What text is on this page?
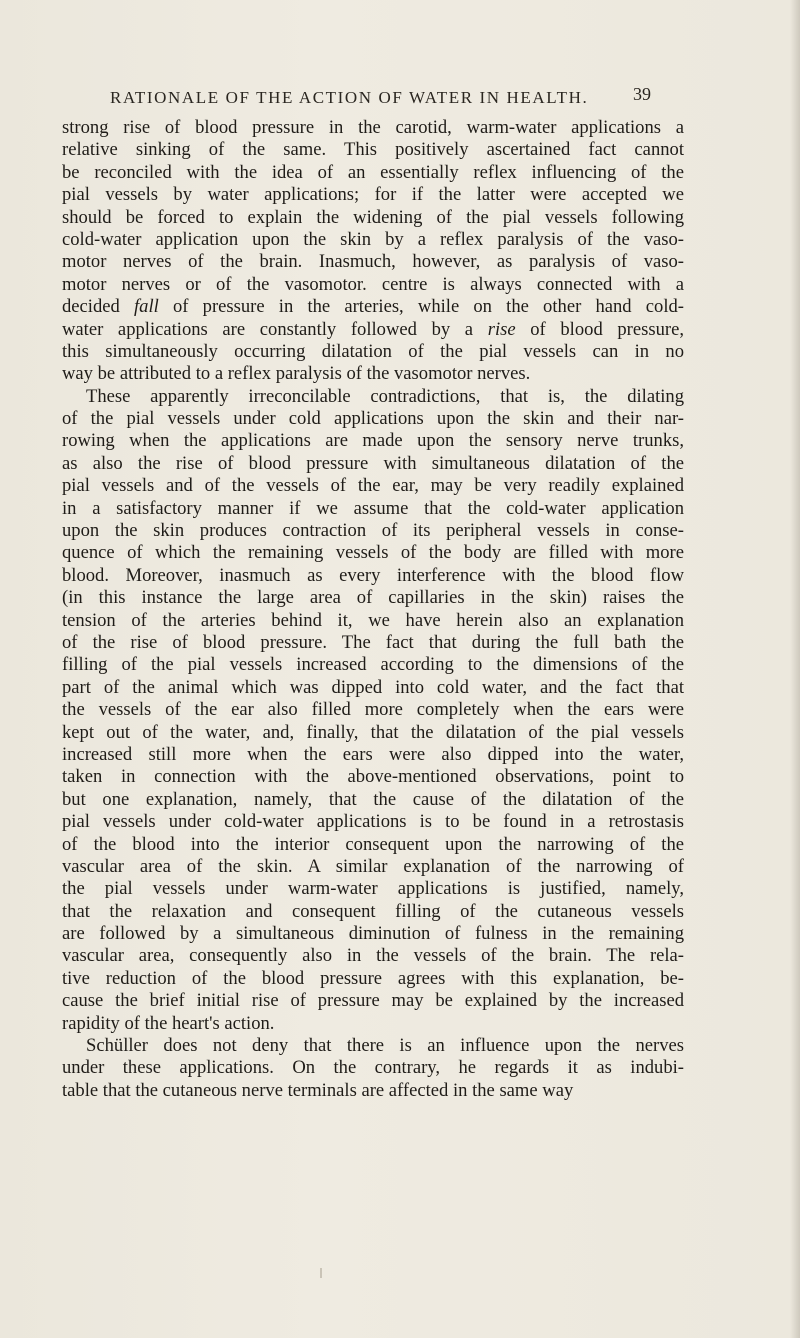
RATIONALE OF THE ACTION OF WATER IN HEALTH.	39
strong rise of blood pressure in the carotid, warm-water applications a
relative sinking of the same. This positively ascertained fact cannot
be reconciled with the idea of an essentially reflex influencing of the
pial vessels by water applications; for if the latter were accepted we
should be forced to explain the widening of the pial vessels following
cold-water application upon the skin by a reflex paralysis of the vaso-
motor nerves of the brain. Inasmuch, however, as paralysis of vaso-
motor nerves or of the vasomotor. centre is always connected with a
decided fall of pressure in the arteries, while on the other hand cold-
water applications are constantly followed by a rise of blood pressure,
this simultaneously occurring dilatation of the pial vessels can in no
way be attributed to a reflex paralysis of the vasomotor nerves.
These apparently irreconcilable contradictions, that is, the dilating
of the pial vessels under cold applications upon the skin and their nar-
rowing when the applications are made upon the sensory nerve trunks,
as also the rise of blood pressure with simultaneous dilatation of the
pial vessels and of the vessels of the ear, may be very readily explained
in a satisfactory manner if we assume that the cold-water application
upon the skin produces contraction of its peripheral vessels in conse-
quence of which the remaining vessels of the body are filled with more
blood. Moreover, inasmuch as every interference with the blood flow
(in this instance the large area of capillaries in the skin) raises the
tension of the arteries behind it, we have herein also an explanation
of the rise of blood pressure. The fact that during the full bath the
filling of the pial vessels increased according to the dimensions of the
part of the animal which was dipped into cold water, and the fact that
the vessels of the ear also filled more completely when the ears were
kept out of the water, and, finally, that the dilatation of the pial vessels
increased still more when the ears were also dipped into the water,
taken in connection with the above-mentioned observations, point to
but one explanation, namely, that the cause of the dilatation of the
pial vessels under cold-water applications is to be found in a retrostasis
of the blood into the interior consequent upon the narrowing of the
vascular area of the skin. A similar explanation of the narrowing of
the pial vessels under warm-water applications is justified, namely,
that the relaxation and consequent filling of the cutaneous vessels
are followed by a simultaneous diminution of fulness in the remaining
vascular area, consequently also in the vessels of the brain. The rela-
tive reduction of the blood pressure agrees with this explanation, be-
cause the brief initial rise of pressure may be explained by the increased
rapidity of the heart's action.
Schüller does not deny that there is an influence upon the nerves
under these applications. On the contrary, he regards it as indubi-
table that the cutaneous nerve terminals are affected in the same way
